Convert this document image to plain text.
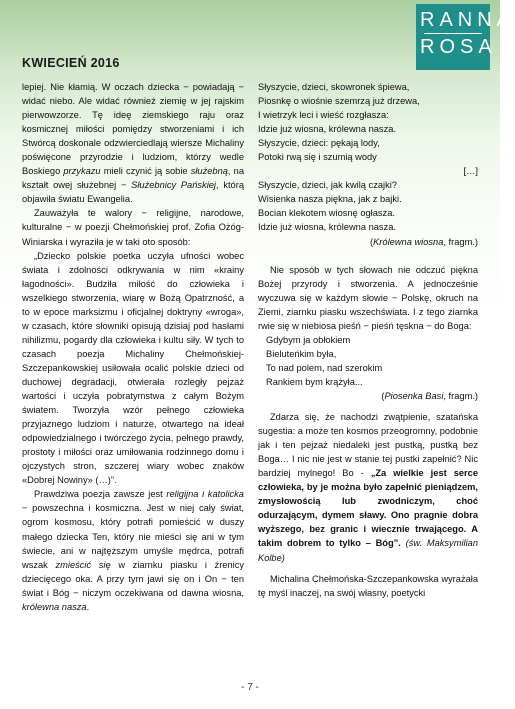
RANNA
ROSA
KWIECIEŃ 2016

lepiej. Nie kłamią. W oczach dziecka − powiadają − widać niebo. Ale widać również ziemię w jej rajskim pierwowzorze. Tę ideę ziemskiego raju oraz kosmicznej miłości pomiędzy stworzeniami i ich Stwórcą doskonale odzwierciedlają wiersze Michaliny poświęcone przyrodzie i ludziom, którzy wedle Boskiego przykazu mieli czynić ją sobie służebną, na kształt owej służebnej − Służebnicy Pańskiej, którą objawiła światu Ewangelia.

Zauważyła te walory − religijne, narodowe, kulturalne − w poezji Chełmońskiej prof. Zofia Ożóg-Winiarska i wyraziła je w taki oto sposób:

„Dziecko polskie poetka uczyła ufności wobec świata i zdolności odkrywania w nim «krainy łagodności». Budziła miłość do człowieka i wszelkiego stworzenia, wiarę w Bożą Opatrzność, a to w epoce marksizmu i oficjalnej doktryny «wroga», w czasach, które słowniki opisują dzisiaj pod hasłami nihilizmu, pogardy dla człowieka i kultu siły. W tych to czasach poezja Michaliny Chełmońskiej-Szczepankowskiej usiłowała ocalić polskie dzieci od duchowej degradacji, otwierała rozległy pejzaż wartości i uczyła pobratymstwa z całym Bożym światem. Tworzyła wzór pełnego człowieka przyjaznego ludziom i naturze, otwartego na ideał odpowiedzialnego i twórczego życia, pełnego prawdy, prostoty i miłości oraz umiłowania rodzinnego domu i ojczystych stron, szczerej wiary wobec znaków «Dobrej Nowiny» (…)”.

Prawdziwa poezja zawsze jest religijna i katolicka − powszechna i kosmiczna. Jest w niej cały świat, ogrom kosmosu, który potrafi pomieścić w duszy małego dziecka Ten, który nie mieści się ani w tym świecie, ani w najtęższym umyśle mędrca, potrafi wszak zmieścić się w ziarnku piasku i źrenicy dziecięcego oka. A przy tym jawi się on i On − ten świat i Bóg − niczym oczekiwana od dawna wiosna, królewna nasza.

Słyszycie, dzieci, skowronek śpiewa,
Piosnkę o wiośnie szemrzą już drzewa,
I wietrzyk leci i wieść rozgłasza:
Idzie już wiosna, królewna nasza.
Słyszycie, dzieci: pękają lody,
Potoki rwą się i szumią wody
[…]
Słyszycie, dzieci, jak kwilą czajki?
Wisienka nasza piękna, jak z bajki.
Bocian klekotem wiosnę ogłasza.
Idzie już wiosna, królewna nasza.
(Królewna wiosna, fragm.)

Nie sposób w tych słowach nie odczuć piękna Bożej przyrody i stworzenia. A jednocześnie wyczuwa się w każdym słowie − Polskę, okruch na Ziemi, ziarnku piasku wszechświata. I z tego ziarnka rwie się w niebiosa pieśń − pieśń tęskna − do Boga:

Gdybym ja obłokiem
Bieluteńkim była,
To nad polem, nad szerokim
Rankiem bym krążyła...
(Piosenka Basi, fragm.)

Zdarza się, że nachodzi zwątpienie, szatańska sugestia: a może ten kosmos przeogromny, podobnie jak i ten pejzaż niedaleki jest pustką, pustką bez Boga… I nic nie jest w stanie tej pustki zapełnić? Nic bardziej mylnego! Bo - „Za wielkie jest serce człowieka, by je można było zapełnić pieniądzem, zmysłowością lub zwodniczym, choć odurzającym, dymem sławy. Ono pragnie dobra wyższego, bez granic i wiecznie trwającego. A takim dobrem to tylko – Bóg”. (św. Maksymilian Kolbe)

Michalina Chełmońska-Szczepankowska wyrażała tę myśl inaczej, na swój własny, poetycki

- 7 -
